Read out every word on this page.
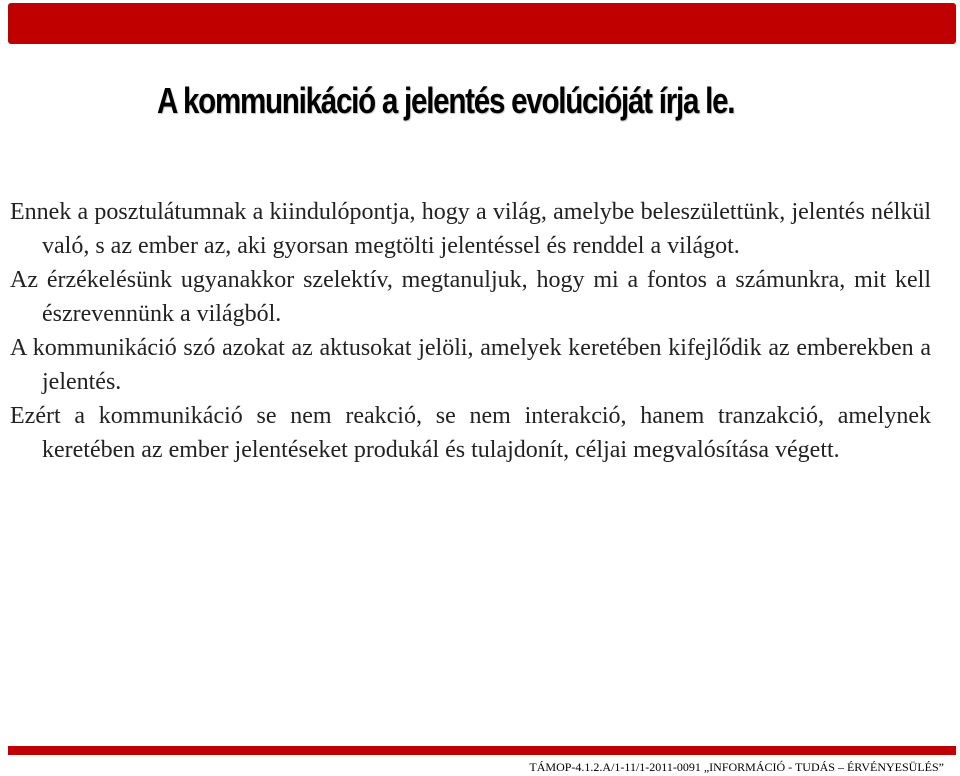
A kommunikáció a jelentés evolúcióját írja le.

Ennek a posztulátumnak a kiindulópontja, hogy a világ, amelybe beleszülettünk, jelentés nélkül való, s az ember az, aki gyorsan megtölti jelentéssel és renddel a világot.

Az érzékelésünk ugyanakkor szelektív, megtanuljuk, hogy mi a fontos a számunkra, mit kell észrevennünk a világból.

A kommunikáció szó azokat az aktusokat jelöli, amelyek keretében kifejlődik az emberekben a jelentés.

Ezért a kommunikáció se nem reakció, se nem interakció, hanem tranzakció, amelynek keretében az ember jelentéseket produkál és tulajdonít, céljai megvalósítása végett.

TÁMOP-4.1.2.A/1-11/1-2011-0091 „INFORMÁCIÓ - TUDÁS – ÉRVÉNYESÜLÉS”
